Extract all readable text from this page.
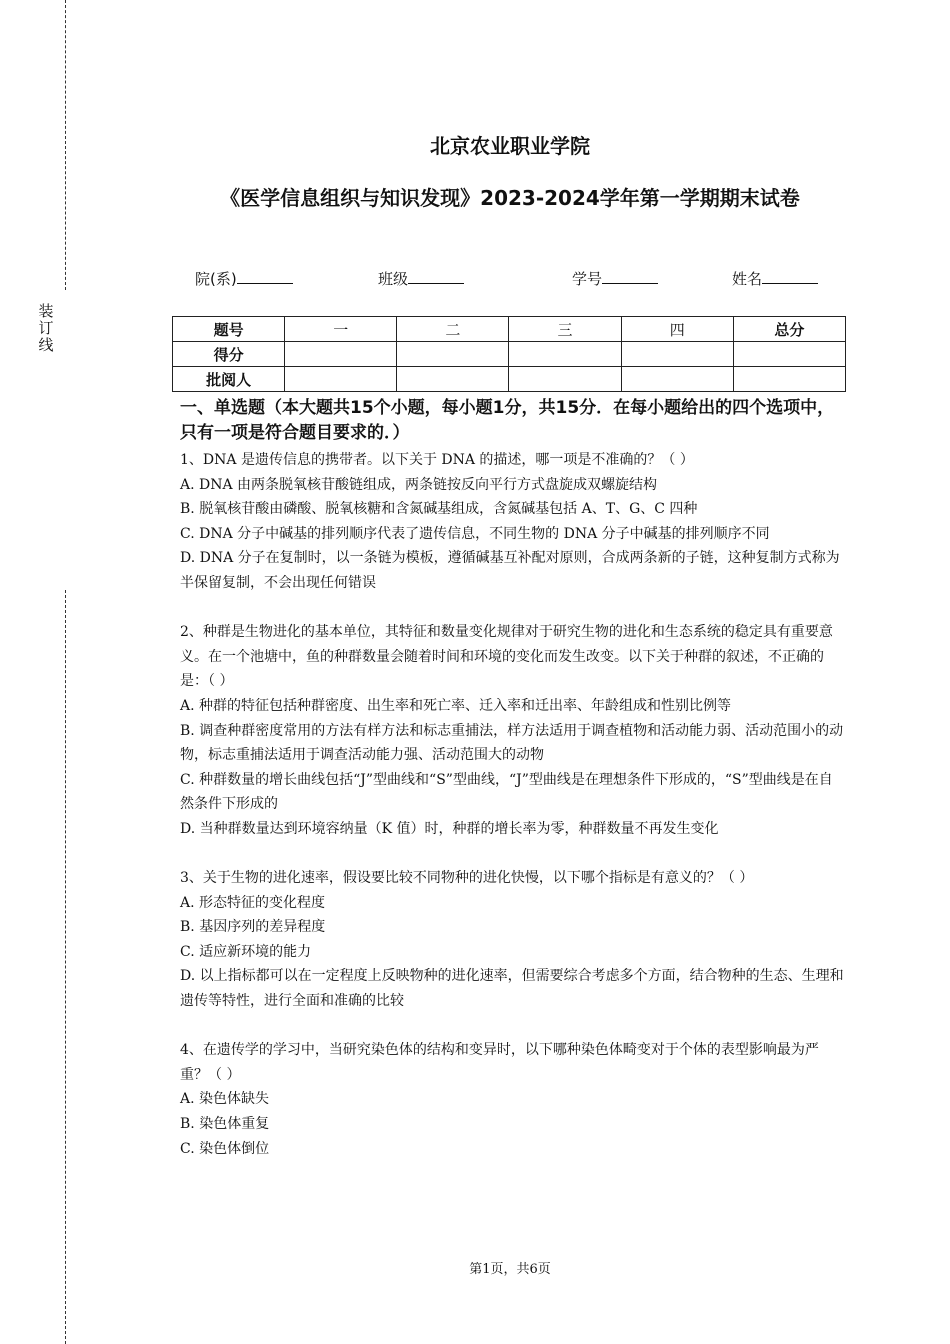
装
订
线
北京农业职业学院
《医学信息组织与知识发现》2023-2024学年第一学期期末试卷
院(系)	班级	学号	姓名
题号	一	二	三	四	总分
得分					
批阅人					

一、单选题（本大题共15个小题，每小题1分，共15分．在每小题给出的四个选项中，只有一项是符合题目要求的．）

1、DNA 是遗传信息的携带者。以下关于 DNA 的描述，哪一项是不准确的？（ ）

A. DNA 由两条脱氧核苷酸链组成，两条链按反向平行方式盘旋成双螺旋结构

B. 脱氧核苷酸由磷酸、脱氧核糖和含氮碱基组成，含氮碱基包括 A、T、G、C 四种

C. DNA 分子中碱基的排列顺序代表了遗传信息，不同生物的 DNA 分子中碱基的排列顺序不同

D. DNA 分子在复制时，以一条链为模板，遵循碱基互补配对原则，合成两条新的子链，这种复制方式称为半保留复制，不会出现任何错误

2、种群是生物进化的基本单位，其特征和数量变化规律对于研究生物的进化和生态系统的稳定具有重要意义。在一个池塘中，鱼的种群数量会随着时间和环境的变化而发生改变。以下关于种群的叙述，不正确的是：（ ）

A. 种群的特征包括种群密度、出生率和死亡率、迁入率和迁出率、年龄组成和性别比例等

B. 调查种群密度常用的方法有样方法和标志重捕法，样方法适用于调查植物和活动能力弱、活动范围小的动物，标志重捕法适用于调查活动能力强、活动范围大的动物

C. 种群数量的增长曲线包括“J”型曲线和“S”型曲线，“J”型曲线是在理想条件下形成的，“S”型曲线是在自然条件下形成的

D. 当种群数量达到环境容纳量（K 值）时，种群的增长率为零，种群数量不再发生变化

3、关于生物的进化速率，假设要比较不同物种的进化快慢，以下哪个指标是有意义的？（ ）

A. 形态特征的变化程度

B. 基因序列的差异程度

C. 适应新环境的能力

D. 以上指标都可以在一定程度上反映物种的进化速率，但需要综合考虑多个方面，结合物种的生态、生理和遗传等特性，进行全面和准确的比较

4、在遗传学的学习中，当研究染色体的结构和变异时，以下哪种染色体畸变对于个体的表型影响最为严重？（ ）

A. 染色体缺失

B. 染色体重复

C. 染色体倒位

第1页，共6页
